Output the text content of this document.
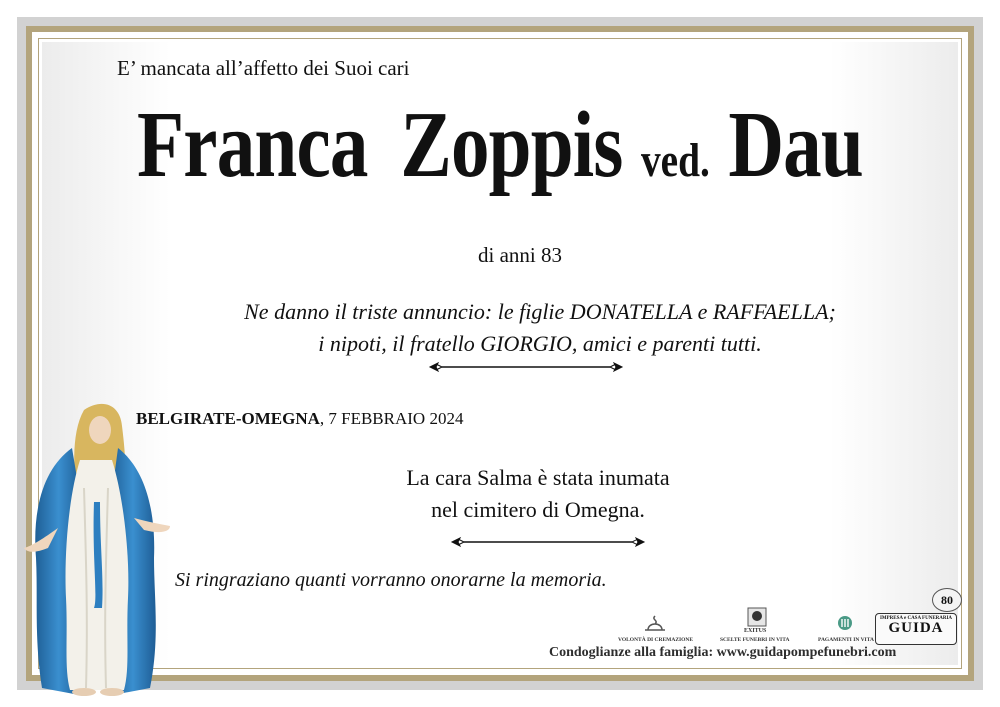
E’ mancata all’affetto dei Suoi cari
Franca Zoppis ved. Dau
di anni 83
Ne danno il triste annuncio: le figlie DONATELLA e RAFFAELLA;
i nipoti, il fratello GIORGIO, amici e parenti tutti.
BELGIRATE-OMEGNA, 7 FEBBRAIO 2024
La cara Salma è stata inumata
nel cimitero di Omegna.
Si ringraziano quanti vorranno onorarne la memoria.
VOLONTÀ DI CREMAZIONE
EXITUS
SCELTE FUNEBRI IN VITA	PAGAMENTI IN VITA
80
IMPRESA e CASA FUNERARIA
GUIDA
Condoglianze alla famiglia: www.guidapompefunebri.com
